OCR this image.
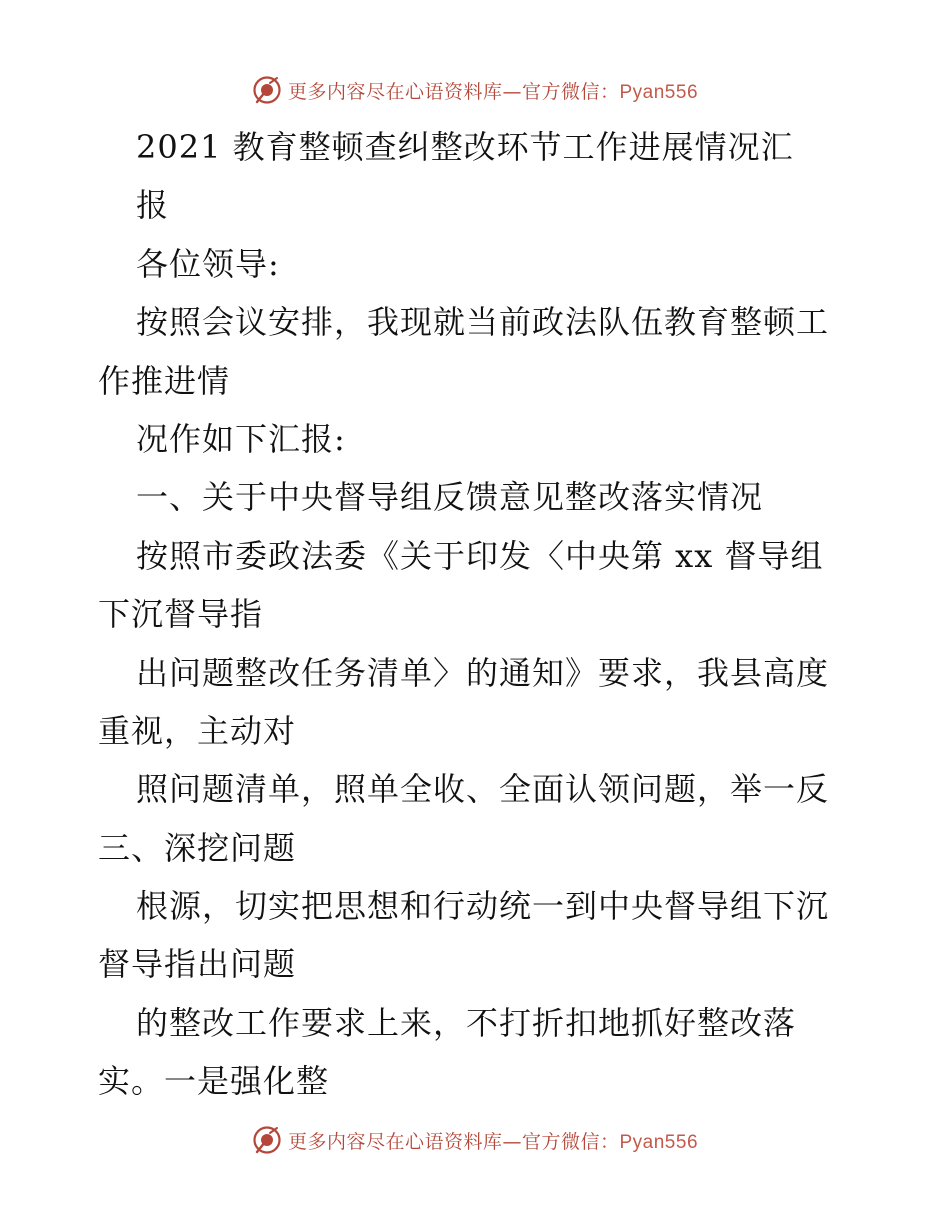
更多内容尽在心语资料库—官方微信：Pyan556
2021 教育整顿查纠整改环节工作进展情况汇
报
各位领导:
按照会议安排，我现就当前政法队伍教育整顿工
作推进情
况作如下汇报:
一、关于中央督导组反馈意见整改落实情况
按照市委政法委《关于印发〈中央第 xx 督导组
下沉督导指
出问题整改任务清单〉的通知》要求，我县高度
重视，主动对
照问题清单，照单全收、全面认领问题，举一反
三、深挖问题
根源，切实把思想和行动统一到中央督导组下沉
督导指出问题
的整改工作要求上来，不打折扣地抓好整改落
实。一是强化整
更多内容尽在心语资料库—官方微信：Pyan556
